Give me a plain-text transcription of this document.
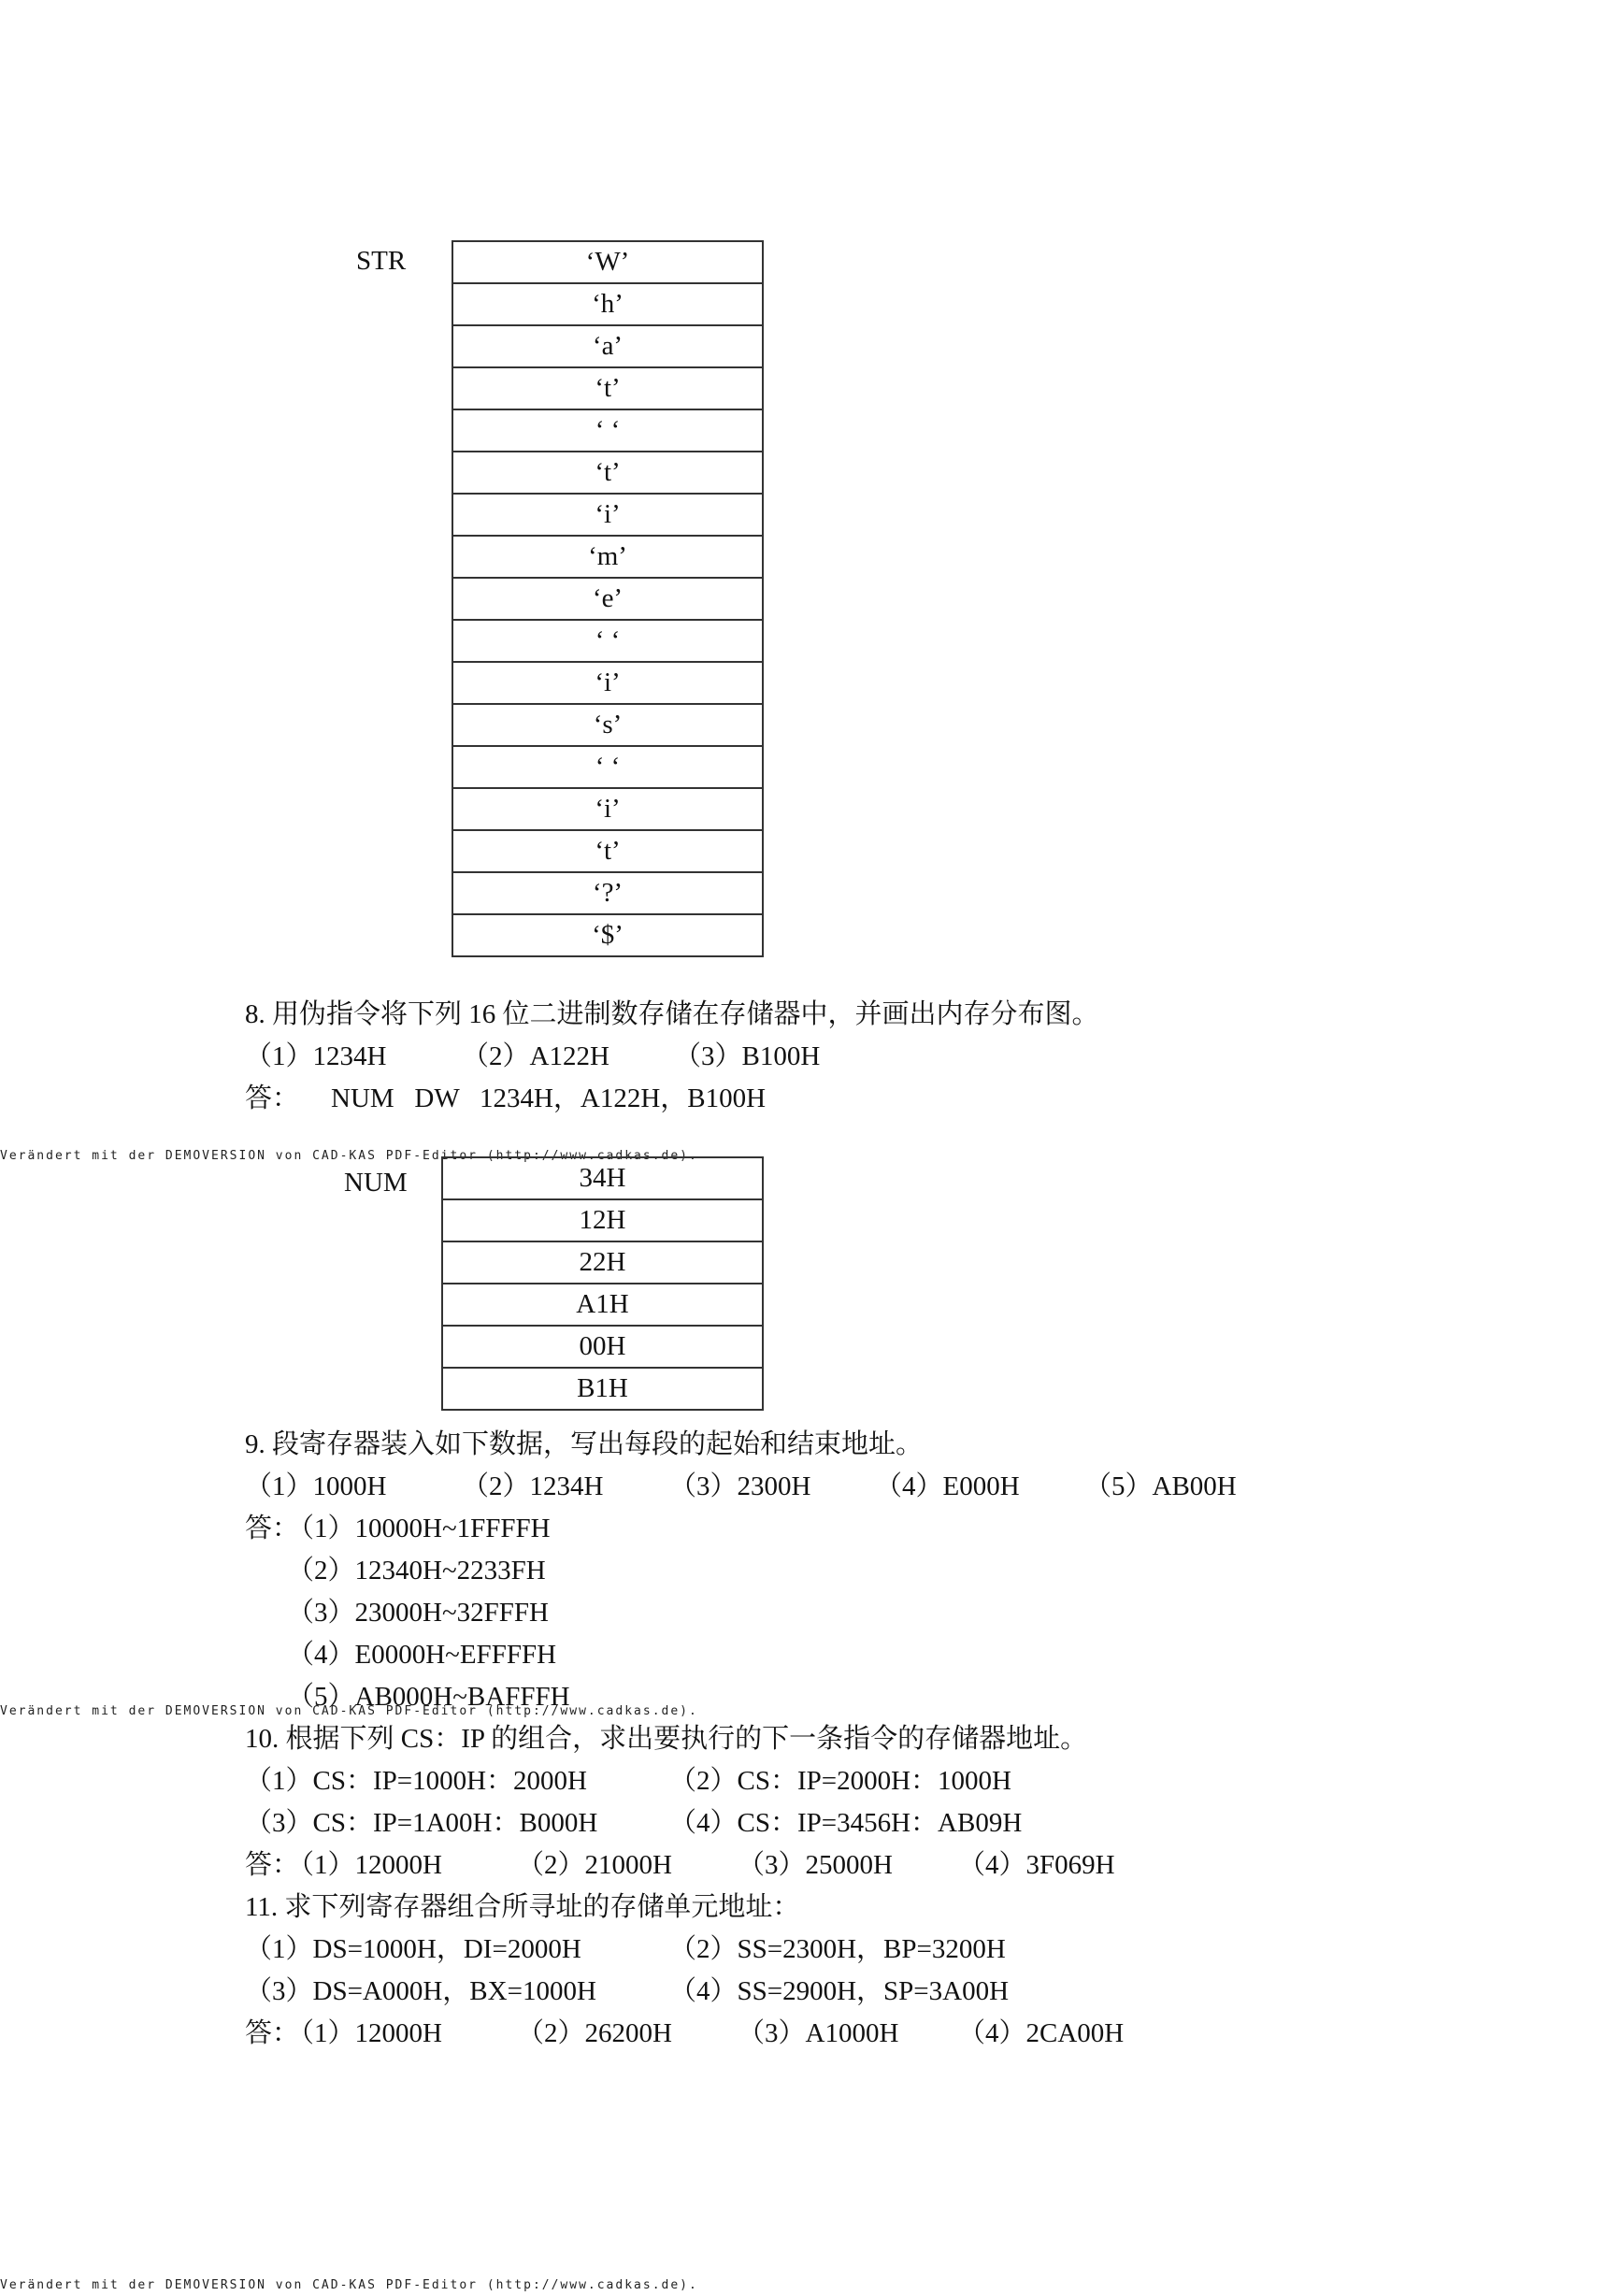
STR	‘W’
‘h’
‘a’
‘t’
‘ ‘
‘t’
‘i’
‘m’
‘e’
‘ ‘
‘i’
‘s’
‘ ‘
‘i’
‘t’
‘?’
‘$’
8. 用伪指令将下列 16 位二进制数存储在存储器中，并画出内存分布图。
（1）1234H	（2）A122H （3）B100H
答： NUM   DW   1234H，A122H，B100H
Verändert mit der DEMOVERSION von CAD-KAS PDF-Editor (http://www.cadkas.de).
NUM	34H
12H
22H
A1H
00H
B1H
9. 段寄存器装入如下数据，写出每段的起始和结束地址。
（1）1000H	（2）1234H （3）2300H （4）E000H （5）AB00H
答：
（1）10000H~1FFFFH
（2）12340H~2233FH
（3）23000H~32FFFH
（4）E0000H~EFFFFH
（5）AB000H~BAFFFH
Verändert mit der DEMOVERSION von CAD-KAS PDF-Editor (http://www.cadkas.de).
10. 根据下列 CS：IP 的组合，求出要执行的下一条指令的存储器地址。
（1）CS：IP=1000H：2000H	（2）CS：IP=2000H：1000H
（3）CS：IP=1A00H：B000H	（4）CS：IP=3456H：AB09H
答：
（1）12000H	（2）21000H （3）25000H （4）3F069H
11. 求下列寄存器组合所寻址的存储单元地址：
（1）DS=1000H，DI=2000H	（2）SS=2300H，BP=3200H
（3）DS=A000H，BX=1000H	（4）SS=2900H，SP=3A00H
答：
（1）12000H	（2）26200H （3）A1000H （4）2CA00H
Verändert mit der DEMOVERSION von CAD-KAS PDF-Editor (http://www.cadkas.de).
